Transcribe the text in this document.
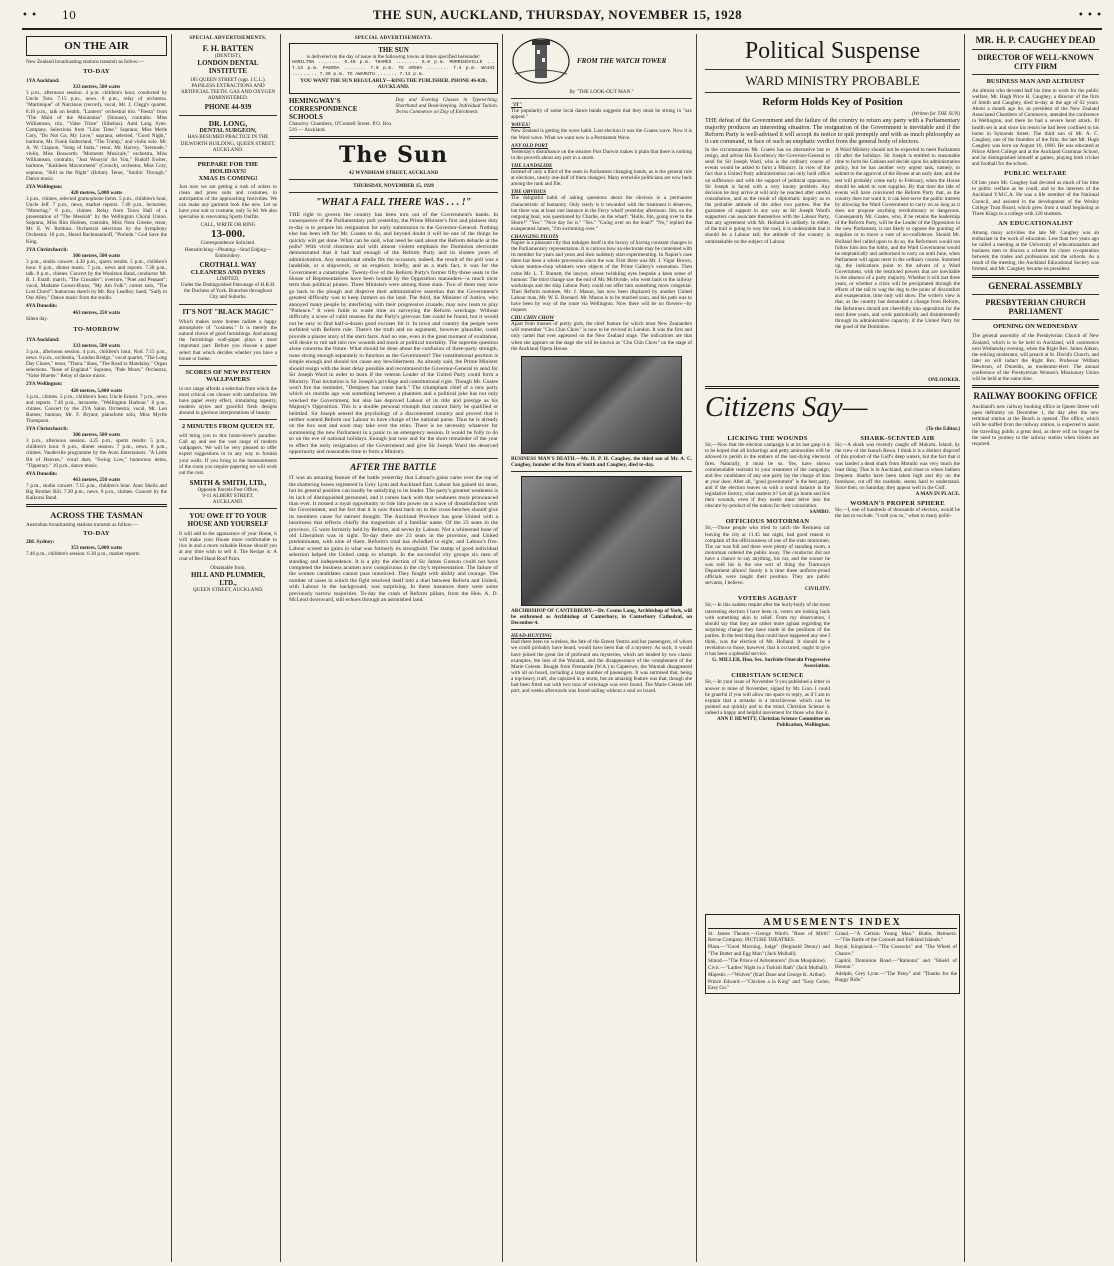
• • 10	THE SUN, AUCKLAND, THURSDAY, NOVEMBER 15, 1928	• • •
ON THE AIR
New Zealand broadcasting stations transmit as follow:—
TO-DAY
1YA Auckland:
333 metres, 500 watts
3 p.m., afternoon session. 4 p.m. children's hour, conducted by Uncle Tom. 7.15 p.m., news. 8 p.m., relay of orchestra. "Martinique" of Narcissus (record), vocal, Mr. J. Clegg's quartet. 8.10 p.m., talk on health, "Lantern" orchestral trio. "Fiesta" from "The Maid of the Mountains" (Strauss), contralto. Miss Williamson, trio, "Valse Triste" (Sibelius). Auld Lang Syne. Company. Selections from "Lilac Time." Soprano, Miss Merle Cory, "Do Not Go, My Love," soprano, selected, "Good Night," baritone, Mr. Frank Sutherland, "The Tramp," and violin solo. Mr. A. W. Clapson, "Song of India," tenor, Mr. Harvey, "Serenade," violin, Miss Bosworth. "Moments Musicale," orchestra, Miss Williamson, contralto, "Just Wearyin' for You," Rudolf Ewiter, baritone, "Kathleen Mavourneen" (Crouch), orchestra, Miss Cory, soprano, "Still as the Night" (Bohm). Tenor, "Smilin' Through." Dance music.
2YA Wellington:
420 metres, 5,000 watts
3 p.m., chimes, selected gramophone items. 5 p.m., children's hour, Uncle Jeff. 7 p.m., news, market reports. 7.40 p.m., lecturette, "Motoring." 8 p.m., chimes. Relay from Town Hall of a presentation of "The Messiah" by the Wellington Choral Union. Soprano, Miss Rita Holmes, contralto, Miss Nora Greene, tenor, Mr. E. W. Robbins. Orchestral selections by the Symphony Orchestra. 10 p.m., Heard Rachmaninoff, "Prelude." God Save the King.
3YA Christchurch:
306 metres, 500 watts
3 p.m., studio concert. 4.30 p.m., sports results. 5 p.m., children's hour. 6 p.m., dinner music. 7 p.m., news and reports. 7.30 p.m., talk. 8 p.m., chimes. Concert by the Woolston Band, conductor Mr. R. J. Estall: march, "The Crusader"; overture, "Poet and Peasant"; vocal, Madame Gower-Burns, "My Ain Folk"; cornet solo, "The Lost Chord"; humorous sketch by Mr. Roy Leadley; band, "Sally in Our Alley." Dance music from the studio.
4YA Dunedin:
463 metres, 250 watts
Silent day.
TO-MORROW
1YA Auckland:
333 metres, 500 watts
3 p.m., afternoon session. 4 p.m., children's hour, Nod. 7.15 p.m., news. 8 p.m., orchestra, "London Bridge," vocal quartet, "The Long Day Closes," tenor, "Thora." Bass, "The Road to Mandalay." Organ selections. "Rose of England." Soprano, "Pale Moon." Orchestra, "Valse Bluette." Relay of dance music.
2YA Wellington:
420 metres, 5,000 watts
3 p.m., chimes. 5 p.m., children's hour, Uncle Ernest. 7 p.m., news and reports. 7.40 p.m., lecturette, "Wellington Harbour." 8 p.m., chimes. Concert by the 2YA Salon Orchestra; vocal, Mr. Len Barnes; humour, Mr. F. Bryant; pianoforte solo, Miss Myrtle Thompson.
3YA Christchurch:
306 metres, 500 watts
3 p.m., afternoon session. 4.25 p.m., sports results. 5 p.m., children's hour. 6 p.m., dinner session. 7 p.m., news. 8 p.m., chimes. Vaudeville programme by the Avon Entertainers. "A Little Bit of Heaven," vocal duet, "Swing Low," humorous items, "Tipperary." 10 p.m., dance music.
4YA Dunedin:
463 metres, 250 watts
7 p.m., studio concert. 7.15 p.m., children's hour. Aunt Sheila and Big Brother Bill. 7.30 p.m., news. 8 p.m., chimes. Concert by the Kaikorai Band.
ACROSS THE TASMAN
Australian broadcasting stations transmit as follow:—
TO-DAY
2BL Sydney:
353 metres, 5,000 watts
7.46 p.m., children's session. 6.30 p.m., market reports.
SPECIAL ADVERTISEMENTS.
F. H. BATTEN
(DENTIST),
LONDON DENTAL
INSTITUTE
185 QUEEN STREET (opp. J.C.L.). PAINLESS EXTRACTIONS AND ARTIFICIAL TEETH. GAS AND OXYGEN ADMINISTERED.
PHONE 44-939
DR. LONG,
DENTAL SURGEON,
HAS RESUMED PRACTICE IN THE DILWORTH BUILDING, QUEEN STREET, AUCKLAND.
PREPARE FOR THE
HOLIDAYS!
XMAS IS COMING!
Just now we are getting a rush of orders to clean and press suits and costumes, in anticipation of the approaching festivities. We can make any garment look like new. Let us have your suit or costume, only 5s 6d. We also specialise in renovating Sports Outfits.
CALL, WRITE OR RING
13-000.
Correspondence Solicited.
Hemstitching—Pleating—Stud Edging—Embroidery.
CROTHALL WAY
CLEANERS AND DYERS
LIMITED,
Under the Distinguished Patronage of H.R.H. the Duchess of York. Branches throughout City and Suburbs.
IT'S NOT "BLACK MAGIC"
Which makes some homes radiate a happy atmosphere of "cosiness." It is merely the natural choice of good furnishings. And among the furnishings wall-paper plays a most important part. Before you choose a paper select that which decides whether you have a house or home.
SCORES OF NEW PATTERN WALLPAPERS
in our range affords a selection from which the most critical can choose with satisfaction. We have paper every effect, simulating tapestry, modern styles and graceful fresh designs abound in glorious interpretations of beauty.
2 MINUTES FROM QUEEN ST.
will bring you to this home-lover's paradise. Call up and see the vast range of modern wallpapers. We will be very pleased to offer expert suggestions or in any way to furnish your walls. If you bring in the measurements of the room you require papering we will work out the cost.
SMITH & SMITH, LTD.,
Opposite Parcels Post Office,
9-11 ALBERT STREET,
AUCKLAND.
YOU OWE IT TO YOUR HOUSE AND YOURSELF
It will add to the appearance of your Home, it will make your House more comfortable to live in and a more valuable House should you at any time wish to sell it. The Recipe is: A coat of Red Hand Roof Paint.
Obtainable from,
HILL AND PLUMMER,
LTD.,
QUEEN STREET, AUCKLAND.
SPECIAL ADVERTISEMENTS.
THE SUN
is delivered on the day of issue in the following towns at times specified hereunder:
HAMILTON ........ 6.40 p.m. THAMES ........ 6.0 p.m. MORRINSVILLE ... 7.13 p.m. PAEROA ........ 7.0 p.m. TE AROHA ........ 7.4 p.m. WAIHI ......... 7.30 p.m. TE AWAMUTU ....... 7.12 p.m.
YOU WANT THE SUN REGULARLY—RING THE PUBLISHER. PHONE 46-020, AUCKLAND.
HEMINGWAY'S
CORRESPONDENCE
SCHOOLS
Chancery Chambers, O'Connell Street. P.O. Box 516 — Auckland.
Day and Evening Classes in Typewriting, Shorthand and Book-keeping. Individual Tuition. Terms Commence on Day of Enrolment.
The Sun
42 WYNDHAM STREET, AUCKLAND
THURSDAY, NOVEMBER 15, 1928
"WHAT A FALL THERE WAS . . . !"
THE right to govern the country has been torn out of the Government's hands. In consequence of the Parliamentary poll yesterday, the Prime Minister's first and plainest duty to-day is to prepare his resignation for early submission to the Governor-General. Nothing else has been left for Mr. Coates to do, and beyond doubt it will be one of the things he quickly will get done. What can be said, what need be said about the Reform debacle at the polls? With vivid clearness and with almost violent emphasis the Dominion electorate demonstrated that it had had enough of the Reform Party and its sixteen years of administration. Any sensational simile fits the occasion; indeed, the result of the poll was a landslide, or a shipwreck, or an eruption: briefly, and as a stark fact, it was for the Government a catastrophe. Twenty-five of the Reform Party's former fifty-three seats in the House of Representatives have been booted by the Opposition marauders—a much nicer term than political pirates. Three Ministers were among those slain. Two of them may now go back to the plough and disprove their administrative assertion that the Government's greatest difficulty was to keep farmers on the land. The third, the Minister of Justice, who annoyed many people by interfering with their progressive crusade, may now learn to play "Patience." It were futile to waste time on surveying the Reform wreckage. Without difficulty a score of valid reasons for the Party's grievous fate could be found, but it would not be easy to find half-a-dozen good excuses for it. In town and country the people were surfeited with Reform rule. There's the truth and no argument, however plausible, could provide a plaster story of the stern facts. And no one, even in the great moment of exultation, will desire to rub salt into raw wounds and mock at political mortality. The supreme question alone concerns the future. What should be done about the confusion of three-party strength, none strong enough separately to function as the Government? The constitutional position is simple enough and should not cause any bewilderment. As already said, the Prime Minister should resign with the least delay possible and recommend the Governor-General to send for Sir Joseph Ward in order to learn if the veteran Leader of the United Party could form a Ministry. That invitation is Sir Joseph's privilege and constitutional right. Though Mr. Coates won't fire the reminder, "Dempsey has come back." The triumphant chief of a new party which six months ago was something between a phantom and a political joke has not only wrecked the Government, but also has deprived Labour of its title and prestige as his Majesty's Opposition. This is a double personal triumph that cannot fairly be qualified or belittled. Sir Joseph sensed the psychology of a discontented country and proved that it neither wanted Reform nor Labour to have charge of the national purse. Thus he is already on the box seat and soon may take over the reins. There is no necessity whatever for summoning the new Parliament in a panic to an emergency session. It would be folly to do so on the eve of national holidays. Enough just now and for the short remainder of the year to effect the early resignation of the Government and give Sir Joseph Ward the deserved opportunity and reasonable time to form a Ministry.
AFTER THE BATTLE
IT was an amazing feature of the battle yesterday that Labour's gains came over the top of the shattering losses registered in Grey Lynn and Auckland East. Labour has gained six seats, but its general position can hardly be satisfying to its leader. The party's greatest weakness is its lack of distinguished personnel, and it comes back with that weakness more pronounced than ever. It missed a royal opportunity to ride into power on a wave of dissatisfaction with the Government, and the fact that it is now thrust back on to the cross-benches should give its members cause for earnest thought. The Auckland Province has gone United with a heartiness that reflects chiefly the magnetism of a familiar name. Of the 23 seats in the province, 15 were formerly held by Reform, and seven by Labour. Not a whiteened bone of old Liberalism was in sight. To-day there are 23 seats in the province, and United predominates, with nine of them. Reform's total has dwindled to eight, and Labour's five. Labour scored no gains in what was formerly its stronghold. The stamp of good individual selection helped the United camp to triumph. In the successful city groups six men of standing and independence. It is a pity the election of Sir James Gunson could not have completed the business acumen now conspicuous in the city's representation. The failure of the women candidates cannot pass unnoticed. They fought with ability and courage. The number of cases in which the fight resolved itself into a duel between Reform and United, with Labour in the background, was surprising. In these instances there were some previously narrow majorities. To-day the crash of Reform pillars, from the Hon. A. D. McLeod downward, still echoes through an astonished land.
FROM THE WATCH TOWER
By "THE LOOK-OUT MAN."
"IT"
The popularity of some local dance bands suggests that they must be strong in "sax appeal."
WAVES!
New Zealand is getting the wave habit. Last election it was the Coates wave. Now it is the Ward wave. What we want now is a Permanent Wave.
ANY OLD PORT
Yesterday's disturbance on the steamer Port Darwin makes it plain that there is nothing in the proverb about any port in a storm.
THE LANDSLIDE
Instead of only a third of the seats in Parliament changing hands, as is the general rule at elections, nearly one-half of them changed. Many erstwhile politicians are now back among the rank and file.
THE OBVIOUS
The delightful habit of asking questions about the obvious is a permanent characteristic of humanity. Only rarely is it rewarded with the treatment it deserves, but there was at least one instance in the Ferry wharf yesterday afternoon. Jim, on the outgoing boat, was questioned by Charlie, on the wharf: "Hullo, Jim, going over to the Shore?" "Yes." "Nice day for it." "Yes." "Going over on the boat?" "No," replied the exasperated James, "I'm swimming over."
CHANGING PILOTS
Napier is a pleasant city that indulges itself in the luxury of having constant changes in the Parliamentary representation. It is curious how an electorate may be contented with its member for years and years and then suddenly start experimenting. In Napier's case there has been a whole procession since the war. First there was Mr. J. Vigor Brown, whose mutton-chop whiskers were objects of the Prime Gallery's veneration. Then came Mr. L. T. Burnett, the lawyer, whose twinkling eyes bespoke a keen sense of humour. The third change saw the end of Mr. McIlvride, who went back to the railway workshops and the ship Labour Party could not offer him something more congenial. Then Reform nominee, Mr. J. Mason, has now been displaced by another United Labour man, Mr. W. E. Barnard. Mr. Mason is to be married soon, and his path was to have been by way of the route via Wellington. Now there will be no flowers—by request.
CHU CHIN CHOW
Apart from masses of pretty girls, the chief feature for which most New Zealanders will remember "Chu Chin Chow" is now to be revived in London. It was the first and only camel that ever appeared on the New Zealand stage. The indications are that when she appears on the stage she will be known as "Chu Chin Chow" on the stage of the Auckland Opera House.
BUSINESS MAN'S DEATH.—Mr. H. P. H. Caughey, the third son of Mr. A. C. Caughey, founder of the firm of Smith and Caughey, died to-day.
ARCHBISHOP OF CANTERBURY.—Dr. Cosmo Lang, Archbishop of York, will be enthroned as Archbishop of Canterbury, in Canterbury Cathedral, on December 4.
HEAD-HUNTING
Had there been no wireless, the fate of the Ernest Vestris and her passengers, of whom we could probably have heard, would have been that of a mystery. As such, it would have joined the great list of profound sea mysteries, which are headed by two classic examples, the loss of the Waratah, and the disappearance of the complement of the Marie Celeste. Bought from Fremantle (W.A.) to Capetown, the Waratah disappeared with all on board, including a large number of passengers. It was surmised that, being a top-heavy craft, she capsized in a storm, but an amazing feature was that, though she had been fitted out with two tons of wreckage was ever found. The Marie Celeste left port, and weeks afterwards was found sailing without a soul on board.
Political Suspense
WARD MINISTRY PROBABLE
Reform Holds Key of Position
(Written for THE SUN)
THE defeat of the Government and the failure of the country to return any party with a Parliamentary majority produces an interesting situation. The resignation of the Government is inevitable and if the Reform Party is well-advised it will accept its notice to quit promptly and with as much philosophy as it can command, in face of such an emphatic verdict from the general body of electors.
In the circumstances Mr. Coates has no alternative but to resign, and advise His Excellency the Governor-General to send for Sir Joseph Ward, who is the ordinary course of events would be asked to form a Ministry. In view of the fact that a United Party administration can only hold office on sufferance and with the support of political opponents, Sir Joseph is faced with a very knotty problem. Any decision he may arrive at will only be reached after careful consultation, and as the result of diplomatic inquiry as to the probable attitude of the other two parties. But the guarantee of support in any way as Sir Joseph Ward's supporters can associate themselves with the Labour Party, that any agreement with Mr. Holland is unlikely. In either, of the trail is going to way the road, it is undesirable that it should be a Labour tail; the attitude of the country is unmistakable on the subject of Labour.
A Ward Ministry should not be expected to meet Parliament till after the holidays. Sir Joseph is entitled to reasonable time to form his Cabinet and decide upon his administration policy, but he has another very urgent task, namely, to submit to the approval of the House at an early date, and the test will probably come early in February, when the House should be asked to vote supplies. By that time the tide of events will have convinced the Reform Party that, as the country does not want it, it can best serve the public interest by allowing the Ward Government to carry on as long as it does not propose anything revolutionary or dangerous. Consequently Mr. Coates, who, if he retains the leadership of the Reform Party, will be the Leader of the Opposition in the new Parliament, is not likely to oppose the granting of supplies or to move a vote of no-confidence. Should Mr. Holland feel called upon to do so, the Reformers would not follow him into the lobby, and the Ward Government would be emphatically and authorised to carry on until June, when Parliament will again meet in the ordinary course. Summed up, the indications point to the advent of a Ward Government, with the restricted powers that are inevitable in the absence of a party majority. Whether it will last three years, or whether a crisis will be precipitated through the efforts of the tail to wag the dog to the point of discomfort and exasperation, time only will show. The writer's view is that, as the country has demanded a change from Reform, the Reformers should not cheerfully into opposition for the next three years, and work patriotically and disinterestedly through its administrative capacity, if the United Party for the good of the Dominion.
ONLOOKER.
Citizens Say—
(To the Editor.)
LICKING THE WOUNDS
Sir,—Now that the election campaign is at its last gasp it is to be hoped that all bickerings and petty animosities will be allowed to perish in the embers of the lost-dying electoral fires. Naturally, it must be so. Yes, have shown commendable restraint in your treatment of the campaign, and few candidates of any one party lay the charge of bias at your door. After all, "good government" is the best party, and if the election leaves us with a sound balance in the legislative factory, what matters it? Let all go home and lick their wounds, even if they needs must delve into the obscure by-product of the nation for their consolation.
SAMBO.
OFFICIOUS MOTORMAN
Sir,—Those people who tried to catch the Remuera car leaving the city at 11.45 last night, had good reason to complain of the officiousness of one of the tram motormen. The car was full and there were plenty of standing room, a motorman ordered the public away. The conductor did not have a chance to say anything, his car, and the sooner he was told his is the one sort of thing the Tramways Department allows! Surely it is time these uniform-proud officials were taught their position. They are public servants, I believe.
CIVILITY.
VOTERS AGHAST
Sir,—In this sudden respite after the hurly-burly of the most interesting election I have been in, voters are looking back with something akin to relief. From my observation, I should say that they are rather more aghast regarding the surprising change they have made in the positions of the parties. In the best thing that could have happened any one I think, was the election of Mr. Holland. It should be a revelation to those, however, that it occurred, ought to give it has been a splendid service.
G. MILLER, Hon. Sec. Surfside-Onerahi Progressive Association.
CHRISTIAN SCIENCE
Sir,—In your issue of November 9 you published a letter in answer to mine of November, signed by Mr. Lion. I could be grateful if you will allow me space to reply, as if I am to explain that a mistake is a mischievous which can be pointed out quickly and to the mind, Christian Science is indeed a happy and helpful movement for those who like it.
ANN P. HEWITT, Christian Science Committee on Publication, Wellington.
SHARK-SCENTED AIR
Sir,—A shark was recently caught off Mokohi, Island, by the crew of the launch Rewa. I think it is a distinct disproof of this product of the Gulf's deep waters, but the fact that it was landed a dead shark from Motuihi was very much the least thing. That is in Auckland, and close to where bathers frequent. Sharks have been taken high and dry on the foreshore, cut off the roadside, seems hard to understand. Since then, on Saturday, they appear well in the Gulf.
A MAN IN PLACE.
WOMAN'S PROPER SPHERE
Sir,—I, one of hundreds of thousands of electors, would be the last to exclude. "I told you so," when to many politi-
AMUSEMENTS INDEX
St. James Theatre.—George Ward's "Rose of Mirth" Revue Company. PICTURE THEATRES.
Plaza.—"Good Morning, Judge" (Reginald Denny) and "The Butter and Egg Man" (Jack Mulhall).
Strand.—"The Prince of Adventurers" (Ivan Mosjukine).
Civic.—"Ladies' Night in a Turkish Bath" (Jack Mulhall).
Majestic.—"Wolves" (Karl Dane and George K. Arthur).
Prince Edward.—"Chicken a la King" and "Easy Come, Easy Go."
Grand.—"A Certain Young Man." Rialto, Remuera.—"The Battle of the Coronel and Falkland Islands."
Royal, Kingsland.—"The Cossacks" and "The Wheel of Chance."
Capitol, Dominion Road.—"Ramona" and "Shield of Honour."
Adelphi, Grey Lynn.—"The Patsy" and "Thanks for the Buggy Ride."
MR. H. P. CAUGHEY DEAD
DIRECTOR OF WELL-KNOWN CITY FIRM
BUSINESS MAN AND ALTRUIST
An altruist who devoted half his time to work for the public welfare, Mr. Hugh Price H. Caughey, a director of the firm of Smith and Caughey, died to-day at the age of 62 years. About a month ago he, as president of the New Zealand Associated Chambers of Commerce, attended the conference in Wellington, and there he had a severe heart attack. Ill health set in and since his return he had been confined to his home in Symonds Street. The third son of Mr. A. C. Caughey, one of the founders of the firm, the late Mr. Hugh Caughey was born on August 16, 1866. He was educated at Prince Albert College and at the Auckland Grammar School, and he distinguished himself at games, playing both cricket and football for the school.
PUBLIC WELFARE
Of late years Mr. Caughey had devoted as much of his time to public welfare as he could, and to the interests of the Auckland Y.M.C.A. He was a life member of the National Council, and assisted in the development of the Wesley College Trust Board, which grew from a small beginning at Three Kings to a college with 120 students.
AN EDUCATIONALIST
Among many activities the late Mr. Caughey was an enthusiast in the work of education. Less than two years ago he called a meeting at the University of educationalists and business men to discuss a scheme for closer co-operation between the trades and professions and the schools. As a result of the meeting, the Auckland Educational Society was formed, and Mr. Caughey became its president.
GENERAL ASSEMBLY
PRESBYTERIAN CHURCH PARLIAMENT
OPENING ON WEDNESDAY
The general assembly of the Presbyterian Church of New Zealand, which is to be held in Auckland, will commence next Wednesday evening, when the Right Rev. James Aitken, the retiring moderator, will preach at St. David's Church, and later on will induct the Right Rev. Professor William Hewitson, of Dunedin, as moderator-elect. The annual conference of the Presbyterian Women's Missionary Union will be held at the same time.
RAILWAY BOOKING OFFICE
Auckland's new railway booking office in Queen Street will open definitely on December 1, the day after the new terminal station at the Beach is opened. The office, which will be staffed from the railway station, is expected to assist the travelling public a great deal, as there will no longer be the need to journey to the railway station when tickets are required.
